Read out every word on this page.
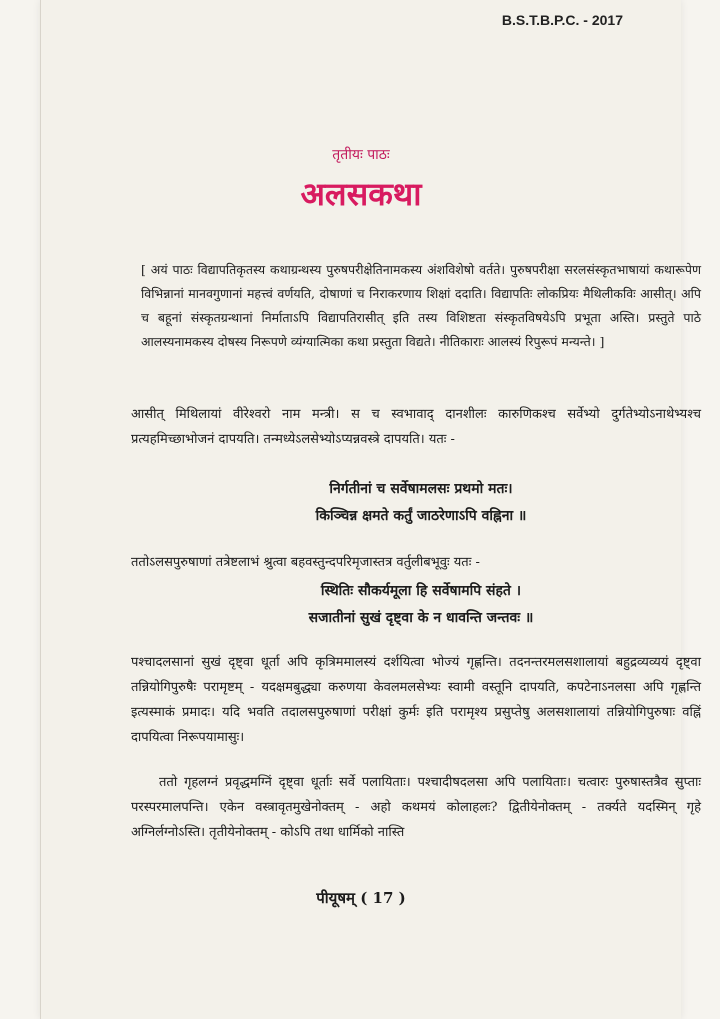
B.S.T.B.P.C. - 2017
तृतीयः पाठः
अलसकथा
[ अयं पाठः विद्यापतिकृतस्य कथाग्रन्थस्य पुरुषपरीक्षेतिनामकस्य अंशविशेषो वर्तते। पुरुषपरीक्षा सरलसंस्कृतभाषायां कथारूपेण विभिन्नानां मानवगुणानां महत्त्वं वर्णयति, दोषाणां च निराकरणाय शिक्षां ददाति। विद्यापतिः लोकप्रियः मैथिलीकविः आसीत्। अपि च बहूनां संस्कृतग्रन्थानां निर्माताऽपि विद्यापतिरासीत् इति तस्य विशिष्टता संस्कृतविषयेऽपि प्रभूता अस्ति। प्रस्तुते पाठे आलस्यनामकस्य दोषस्य निरूपणे व्यंग्यात्मिका कथा प्रस्तुता विद्यते। नीतिकाराः आलस्यं रिपुरूपं मन्यन्ते। ]
आसीत् मिथिलायां वीरेश्वरो नाम मन्त्री। स च स्वभावाद् दानशीलः कारुणिकश्च सर्वेभ्यो दुर्गतेभ्योऽनाथेभ्यश्च प्रत्यहमिच्छाभोजनं दापयति। तन्मध्येऽलसेभ्योऽप्यन्नवस्त्रे दापयति। यतः -
निर्गतीनां च सर्वेषामलसः प्रथमो मतः।
किञ्चिन्न क्षमते कर्तुं जाठरेणाऽपि वह्निना ॥
ततोऽलसपुरुषाणां तत्रेष्टलाभं श्रुत्वा बहवस्तुन्दपरिमृजास्तत्र वर्तुलीबभूवुः यतः -
स्थितिः सौकर्यमूला हि सर्वेषामपि संहते ।
सजातीनां सुखं दृष्ट्वा के न धावन्ति जन्तवः ॥
पश्चादलसानां सुखं दृष्ट्वा धूर्ता अपि कृत्रिममालस्यं दर्शयित्वा भोज्यं गृह्णन्ति। तदनन्तरमलसशालायां बहुद्रव्यव्ययं दृष्ट्वा तन्नियोगिपुरुषैः परामृष्टम् - यदक्षमबुद्ध्या करुणया केवलमलसेभ्यः स्वामी वस्तूनि दापयति, कपटेनाऽनलसा अपि गृह्णन्ति इत्यस्माकं प्रमादः। यदि भवति तदालसपुरुषाणां परीक्षां कुर्मः इति परामृश्य प्रसुप्तेषु अलसशालायां तन्नियोगिपुरुषाः वह्निं दापयित्वा निरूपयामासुः।
ततो गृहलग्नं प्रवृद्धमग्निं दृष्ट्वा धूर्ताः सर्वे पलायिताः। पश्चादीषदलसा अपि पलायिताः। चत्वारः पुरुषास्तत्रैव सुप्ताः परस्परमालपन्ति। एकेन वस्त्रावृतमुखेनोक्तम् - अहो कथमयं कोलाहलः? द्वितीयेनोक्तम् - तर्क्यते यदस्मिन् गृहे अग्निर्लग्नोऽस्ति। तृतीयेनोक्तम् - कोऽपि तथा धार्मिको नास्ति
पीयूषम् ( 17 )
